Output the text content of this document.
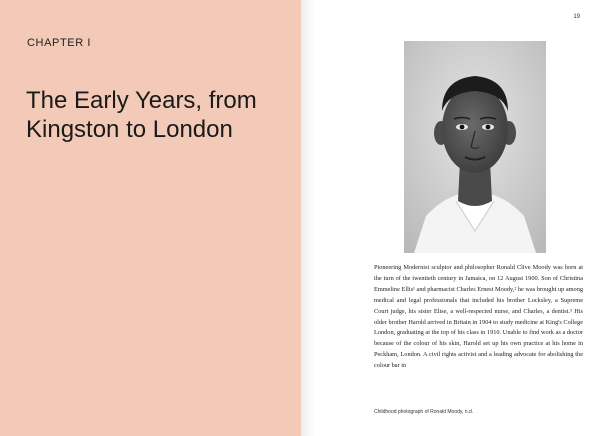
CHAPTER I
The Early Years, from Kingston to London
19

Pioneering Modernist sculptor and philosopher Ronald Clive Moody was born at the turn of the twentieth century in Jamaica, on 12 August 1900. Son of Christina Emmeline Ellis¹ and pharmacist Charles Ernest Moody,² he was brought up among medical and legal professionals that included his brother Locksley, a Supreme Court judge, his sister Elise, a well-respected nurse, and Charles, a dentist.³ His older brother Harold arrived in Britain in 1904 to study medicine at King's College London, graduating at the top of his class in 1910. Unable to find work as a doctor because of the colour of his skin, Harold set up his own practice at his home in Peckham, London. A civil rights activist and a leading advocate for abolishing the colour bar in

Childhood photograph of Ronald Moody, n.d.
